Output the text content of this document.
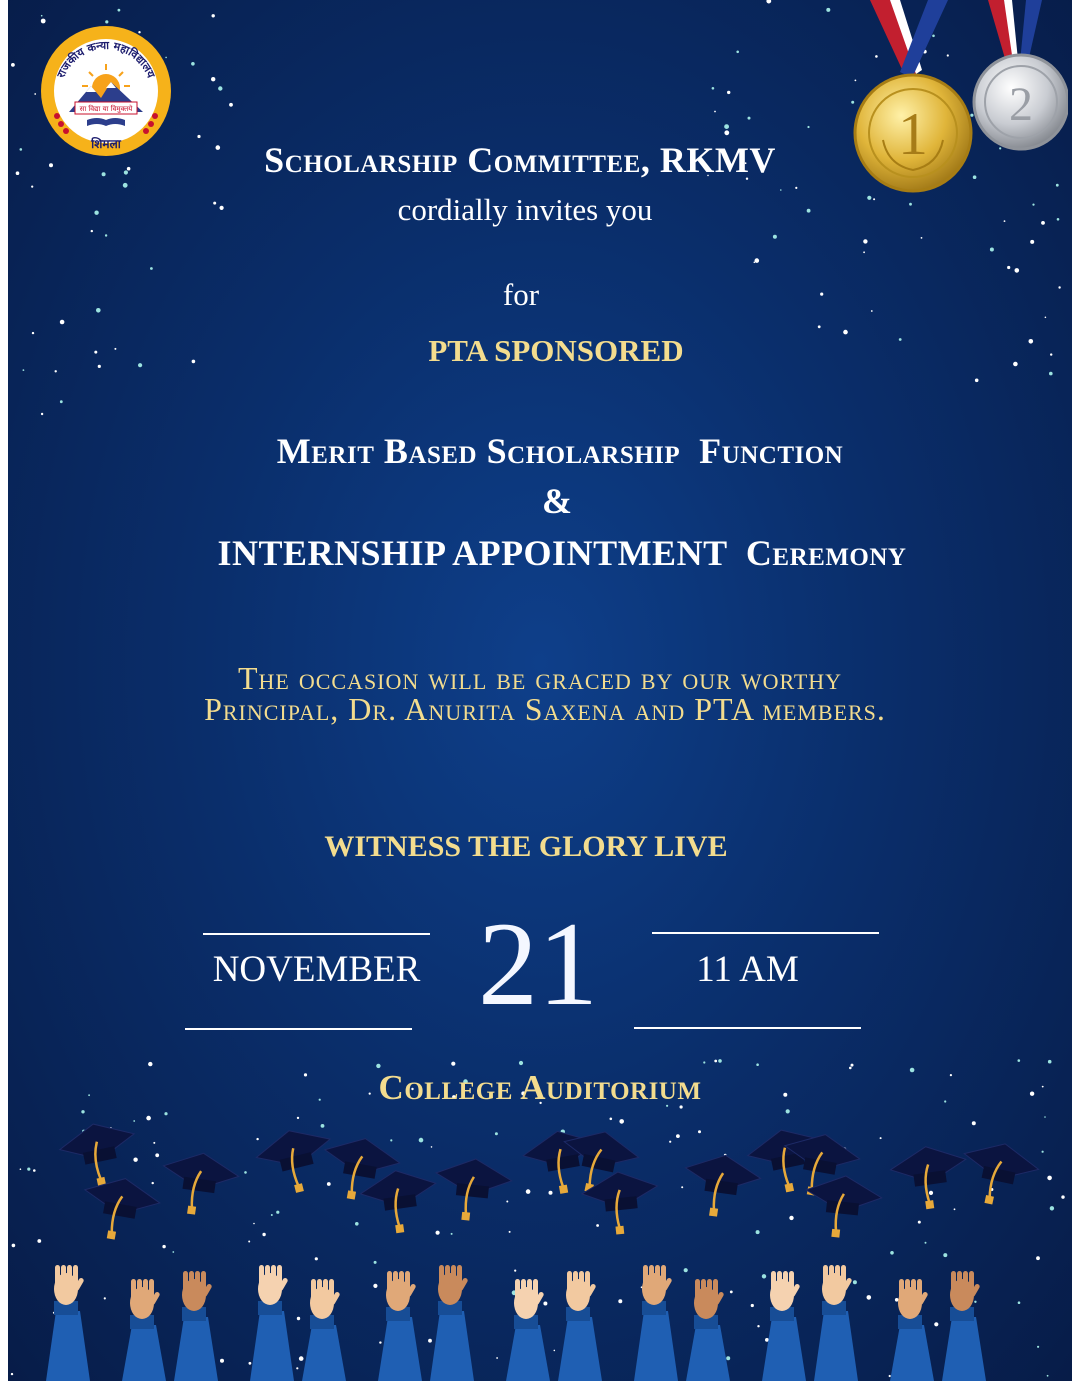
राजकीय कन्या महाविद्यालय
सा विद्या या विमुक्तये
शिमला
2
1

Scholarship Committee, RKMV

cordially invites you

for

PTA SPONSORED

Merit Based Scholarship  Function

&

INTERNSHIP APPOINTMENT  Ceremony

The occasion will be graced by our worthy

Principal, Dr. Anurita Saxena and PTA members.

WITNESS THE GLORY LIVE

NOVEMBER 21	11 AM

College Auditorium
